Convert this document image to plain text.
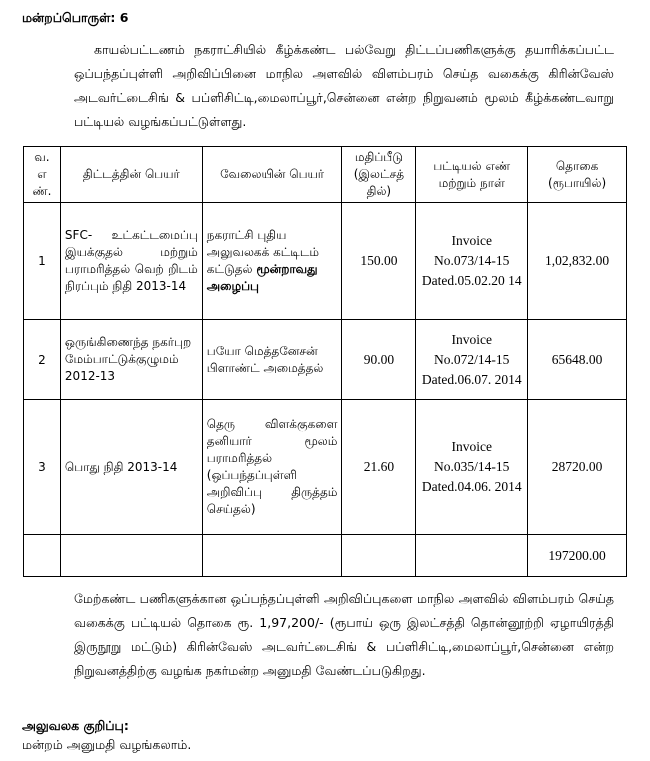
மன்றப்பொருள்: 6
காயல்பட்டணம் நகராட்சியில் கீழ்க்கண்ட பல்வேறு திட்டப்பணிகளுக்கு தயாரிக்கப்பட்ட ஒப்பந்தப்புள்ளி அறிவிப்பினை மாநில அளவில் விளம்பரம் செய்த வகைக்கு கிரின்வேஸ் அடவர்ட்டைசிங் & பப்ளிசிட்டி,மைலாப்பூர்,சென்னை என்ற நிறுவனம் மூலம் கீழ்க்கண்டவாறு பட்டியல் வழங்கப்பட்டுள்ளது.
வ. எ ண்.	திட்டத்தின் பெயர்	வேலையின் பெயர்	மதிப்பீடு (இலட்சத் தில்)	பட்டியல் எண் மற்றும் நாள்	தொகை (ரூபாயில்)
1	SFC- உட்கட்டமைப்பு இயக்குதல் மற்றும் பராமரித்தல் வெற் றிடம் நிரப்பும் நிதி 2013-14	நகராட்சி புதிய அலுவலகக் கட்டிடம் கட்டுதல் மூன்றாவது அழைப்பு	150.00	Invoice No.073/14-15 Dated.05.02.20 14	1,02,832.00
2	ஒருங்கிணைந்த நகர்புற மேம்பாட்டுக்குழுமம் 2012-13	பயோ மெத்தனேசன் பிளாண்ட் அமைத்தல்	90.00	Invoice No.072/14-15 Dated.06.07. 2014	65648.00
3	பொது நிதி 2013-14	தெரு விளக்குகளை தனியார் மூலம் பராமரித்தல் (ஒப்பந்தப்புள்ளி அறிவிப்பு திருத்தம் செய்தல்)	21.60	Invoice No.035/14-15 Dated.04.06. 2014	28720.00
					197200.00
மேற்கண்ட பணிகளுக்கான ஒப்பந்தப்புள்ளி அறிவிப்புகளை மாநில அளவில் விளம்பரம் செய்த வகைக்கு பட்டியல் தொகை ரூ. 1,97,200/- (ரூபாய் ஒரு இலட்சத்தி தொன்னூற்றி ஏழாயிரத்தி இருநூறு மட்டும்) கிரின்வேஸ் அடவர்ட்டைசிங் & பப்ளிசிட்டி,மைலாப்பூர்,சென்னை என்ற நிறுவனத்திற்கு வழங்க நகர்மன்ற அனுமதி வேண்டப்படுகிறது.
அலுவலக குறிப்பு:
மன்றம் அனுமதி வழங்கலாம்.
